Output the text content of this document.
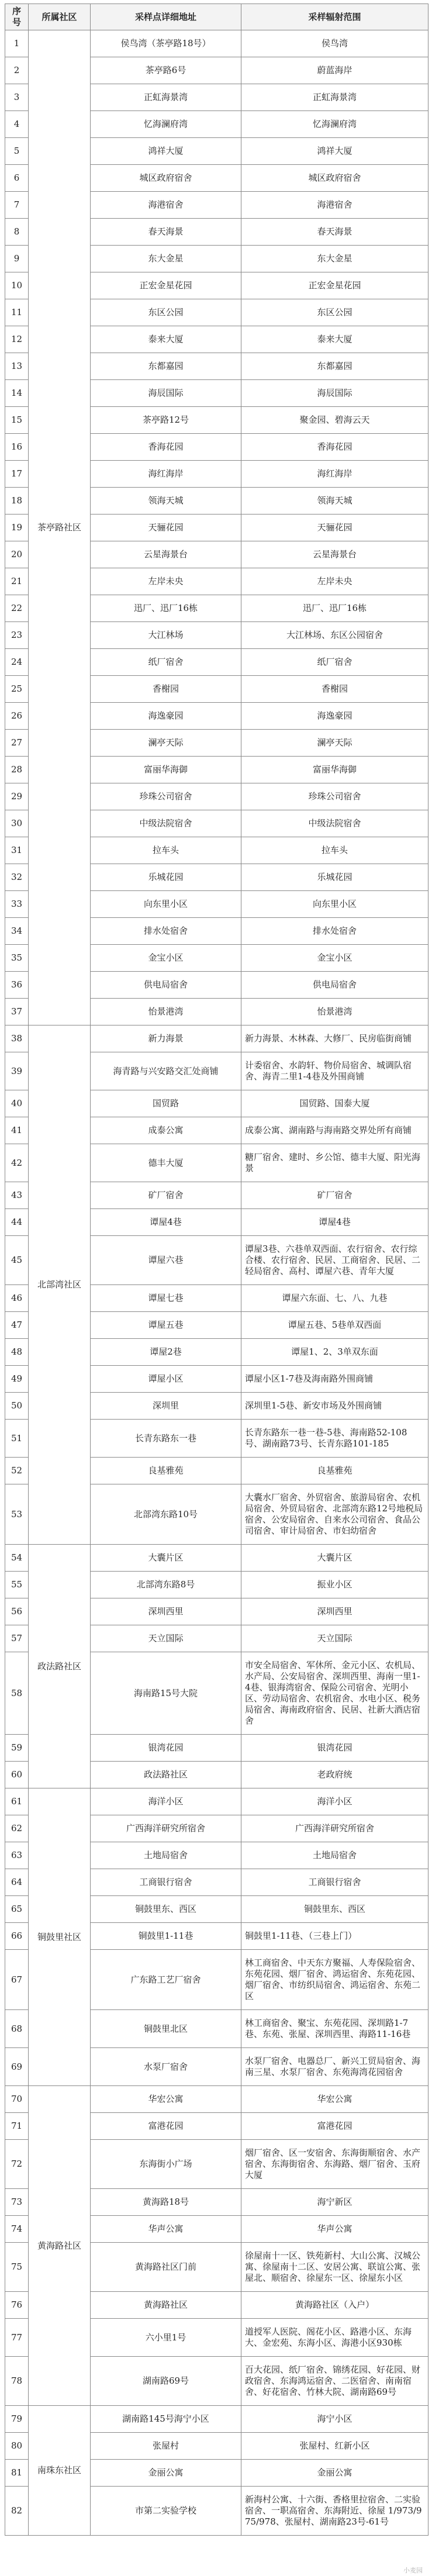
序号	所属社区	采样点详细地址	采样辐射范围
1	茶亭路社区	侯鸟湾（茶亭路18号）	侯鸟湾
2		茶亭路6号	蔚蓝海岸
3		正虹海景湾	正虹海景湾
4		忆海澜府湾	忆海澜府湾
5		鸿祥大厦	鸿祥大厦
6		城区政府宿舍	城区政府宿舍
7		海港宿舍	海港宿舍
8		春天海景	春天海景
9		东大金星	东大金星
10		正宏金星花园	正宏金星花园
11		东区公园	东区公园
12		泰来大厦	泰来大厦
13		东都嘉园	东都嘉园
14		海辰国际	海辰国际
15		茶亭路12号	聚金园、碧海云天
16		香海花园	香海花园
17		海红海岸	海红海岸
18		领海天城	领海天城
19		天骊花园	天骊花园
20		云星海景台	云星海景台
21		左岸未央	左岸未央
22		迅厂、迅厂16栋	迅厂、迅厂16栋
23		大江林场	大江林场、东区公园宿舍
24		纸厂宿舍	纸厂宿舍
25		香榭园	香榭园
26		海逸豪园	海逸豪园
27		澜亭天际	澜亭天际
28		富丽华海御	富丽华海御
29		珍珠公司宿舍	珍珠公司宿舍
30		中级法院宿舍	中级法院宿舍
31		拉车头	拉车头
32		乐城花园	乐城花园
33		向东里小区	向东里小区
34		排水处宿舍	排水处宿舍
35		金宝小区	金宝小区
36		供电局宿舍	供电局宿舍
37		怡景港湾	怡景港湾
38	北部湾社区	新力海景	新力海景、木林森、大修厂、民房临街商铺
39		海青路与兴安路交汇处商铺	计委宿舍、水韵轩、物价局宿舍、城调队宿舍、海青二里1-4巷及外围商铺
40		国贸路	国贸路、国泰大厦
41		成泰公寓	成泰公寓、湖南路与海南路交界处所有商铺
42		德丰大厦	糖厂宿舍、建时、乡公馆、德丰大厦、阳光海景
43		矿厂宿舍	矿厂宿舍
44		谭屋4巷	谭屋4巷
45		谭屋六巷	谭屋3巷、六巷单双西面、农行宿舍、农行综合楼、农行宿舍、民居、工商宿舍、民居、二轻局宿舍、高村、谭屋六巷、青年大厦
46		谭屋七巷	谭屋六东面、七、八、九巷
47		谭屋五巷	谭屋五巷、5巷单双西面
48		谭屋2巷	谭屋1、2、3单双东面
49		谭屋小区	谭屋小区1-7巷及海南路外围商铺
50		深圳里	深圳里1-5巷、新安市场及外围商铺
51		长青东路东一巷	长青东路东一巷一巷-5巷、海南路52-108号、湖南路73号、长青东路101-185
52		良基雅苑	良基雅苑
53		北部湾东路10号	大囊水厂宿舍、外贸宿舍、旅游局宿舍、农机局宿舍、外贸局宿舍、北部湾东路12号地税局宿舍、公安局宿舍、自来水公司宿舍、食品公司宿舍、审计局宿舍、市妇幼宿舍
54	政法路社区	大囊片区	大囊片区
55		北部湾东路8号	振业小区
56		深圳西里	深圳西里
57		天立国际	天立国际
58		海南路15号大院	市安全局宿舍、军休所、金元小区、农机局、水产局、公安局宿舍、深圳西里、海南一里1-4巷、银海湾宿舍、保险公司宿舍、光明小区、劳动局宿舍、农机宿舍、水电小区、税务局宿舍、海南政府宿舍、民居、社新大酒店宿舍
59		银湾花园	银湾花园
60		政法路社区	老政府统
61	铜鼓里社区	海洋小区	海洋小区
62		广西海洋研究所宿舍	广西海洋研究所宿舍
63		土地局宿舍	土地局宿舍
64		工商银行宿舍	工商银行宿舍
65		铜鼓里东、西区	铜鼓里东、西区
66		铜鼓里1-11巷	铜鼓里1-11巷、（三巷上门）
67		广东路工艺厂宿舍	林工商宿舍、中天东方聚福、人寿保险宿舍、东苑花园、烟厂宿舍、鸿运宿舍、东苑花园、烟厂宿舍、市纺织局宿舍、鸿运宿舍、东苑二区
68		铜鼓里北区	林工商宿舍、聚宝、东苑花园、深圳路1-7巷、东苑、张屋、深圳西里、海路11-16巷
69		水泵厂宿舍	水泵厂宿舍、电器总厂、新兴工贸局宿舍、海南三星、水泵厂宿舍、东苑海湾花园宿舍
70	黄海路社区	华宏公寓	华宏公寓
71		富港花园	富港花园
72		东海街小广场	烟厂宿舍、区一安宿舍、东海街顺宿舍、水产宿舍、东海街宿舍、东海路、烟厂宿舍、玉府大厦
73		黄海路18号	海宁新区
74		华声公寓	华声公寓
75		黄海路社区门前	徐屋南十一区、铁苑新村、大山公寓、汉城公寓、徐屋南十二区、安居公寓、联谊公寓、张屋北、顺宿舍、徐屋东一区、徐屋东小区
76		黄海路社区	黄海路社区（入户）
77		六小里1号	道授军人医院、阁花小区、路港小区、东海大、金宏苑、东海小区、海港小区930栋
78		湖南路69号	百大花园、纸厂宿舍、锦绣花园、好花园、财政宿舍、东海鸿运宿舍、二医宿舍、南南宿舍、好花宿舍、竹林大院、湖南路69号
79	南珠东社区	湖南路145号海宁小区	海宁小区
80		张屋村	张屋村、红新小区
81		金丽公寓	金丽公寓
82		市第二实验学校	新海村公寓、十六街、香格里拉宿舍、二实验宿舍、一职高宿舍、东海附近、徐屋 1/973/975/978、张屋村、湖南路23号-61号
小麦园
